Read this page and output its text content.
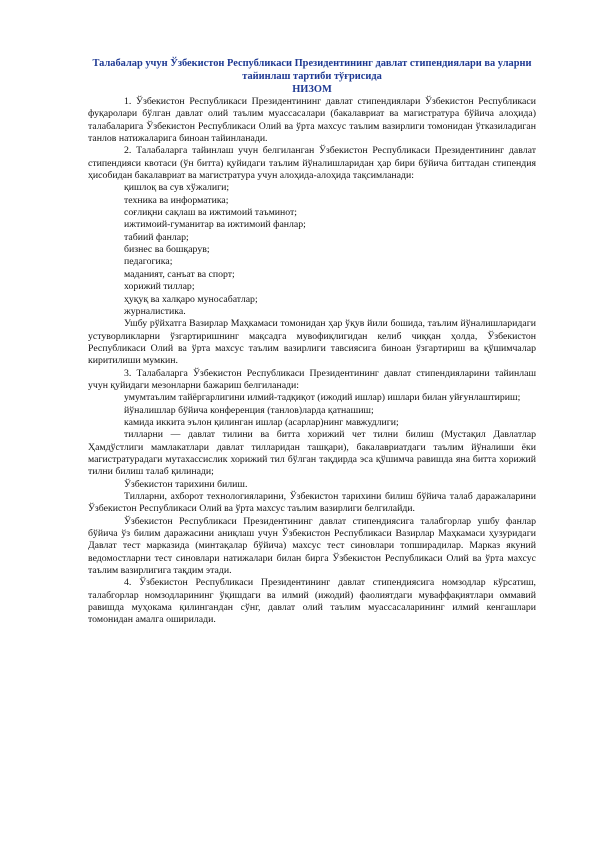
Талабалар учун Ўзбекистон Республикаси Президентининг давлат стипендиялари ва уларни тайинлаш тартиби тўғрисида

НИЗОМ

1. Ўзбекистон Республикаси Президентининг давлат стипендиялари Ўзбекистон Республикаси фуқаролари бўлган давлат олий таълим муассасалари (бакалавриат ва магистратура бўйича алоҳида) талабаларига Ўзбекистон Республикаси Олий ва ўрта махсус таълим вазирлиги томонидан ўтказиладиган танлов натижаларига биноан тайинланади.

2. Талабаларга тайинлаш учун белгиланган Ўзбекистон Республикаси Президентининг давлат стипендияси квотаси (ўн битта) қуйидаги таълим йўналишларидан ҳар бири бўйича биттадан стипендия ҳисобидан бакалавриат ва магистратура учун алоҳида-алоҳида тақсимланади:

қишлоқ ва сув хўжалиги;

техника ва информатика;

соғлиқни сақлаш ва ижтимоий таъминот;

ижтимоий-гуманитар ва ижтимоий фанлар;

табиий фанлар;

бизнес ва бошқарув;

педагогика;

маданият, санъат ва спорт;

хорижий тиллар;

ҳуқуқ ва халқаро муносабатлар;

журналистика.

Ушбу рўйхатга Вазирлар Маҳкамаси томонидан ҳар ўқув йили бошида, таълим йўналишларидаги устуворликларни ўзгартиришнинг мақсадга мувофиқлигидан келиб чиққан ҳолда, Ўзбекистон Республикаси Олий ва ўрта махсус таълим вазирлиги тавсиясига биноан ўзгартириш ва қўшимчалар киритилиши мумкин.

3. Талабаларга Ўзбекистон Республикаси Президентининг давлат стипендияларини тайинлаш учун қуйидаги мезонларни бажариш белгиланади:

умумтаълим тайёргарлигини илмий-тадқиқот (ижодий ишлар) ишлари билан уйғунлаштириш;

йўналишлар бўйича конференция (танлов)ларда қатнашиш;

камида иккита эълон қилинган ишлар (асарлар)нинг мавжудлиги;

тилларни — давлат тилини ва битта хорижий чет тилни билиш (Мустақил Давлатлар Ҳамдўстлиги мамлакатлари давлат тилларидан ташқари), бакалавриатдаги таълим йўналиши ёки магистратурадаги мутахассислик хорижий тил бўлган тақдирда эса қўшимча равишда яна битта хорижий тилни билиш талаб қилинади;

Ўзбекистон тарихини билиш.

Тилларни, ахборот технологияларини, Ўзбекистон тарихини билиш бўйича талаб даражаларини Ўзбекистон Республикаси Олий ва ўрта махсус таълим вазирлиги белгилайди.

Ўзбекистон Республикаси Президентининг давлат стипендиясига талабгорлар ушбу фанлар бўйича ўз билим даражасини аниқлаш учун Ўзбекистон Республикаси Вазирлар Маҳкамаси ҳузуридаги Давлат тест марказида (минтақалар бўйича) махсус тест синовлари топширадилар. Марказ якуний ведомостларни тест синовлари натижалари билан бирга Ўзбекистон Республикаси Олий ва ўрта махсус таълим вазирлигига тақдим этади.

4. Ўзбекистон Республикаси Президентининг давлат стипендиясига номзодлар кўрсатиш, талабгорлар номзодларининг ўқишдаги ва илмий (ижодий) фаолиятдаги муваффақиятлари оммавий равишда муҳокама қилингандан сўнг, давлат олий таълим муассасаларининг илмий кенгашлари томонидан амалга оширилади.
